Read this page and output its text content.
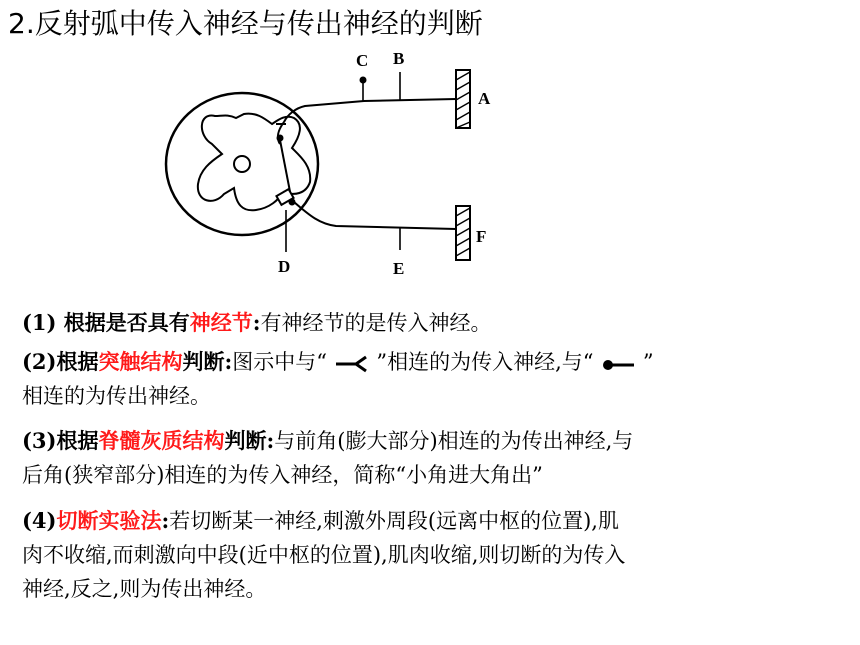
2.反射弧中传入神经与传出神经的判断
C B
A
F
D	E
(1) 根据是否具有神经节:有神经节的是传入神经。
(2)根据突触结构判断:图示中与“ ”相连的为传入神经,与“ ”
相连的为传出神经。
(3)根据脊髓灰质结构判断:与前角(膨大部分)相连的为传出神经,与
后角(狭窄部分)相连的为传入神经，简称“小角进大角出”
(4)切断实验法:若切断某一神经,刺激外周段(远离中枢的位置),肌
肉不收缩,而刺激向中段(近中枢的位置),肌肉收缩,则切断的为传入
神经,反之,则为传出神经。
